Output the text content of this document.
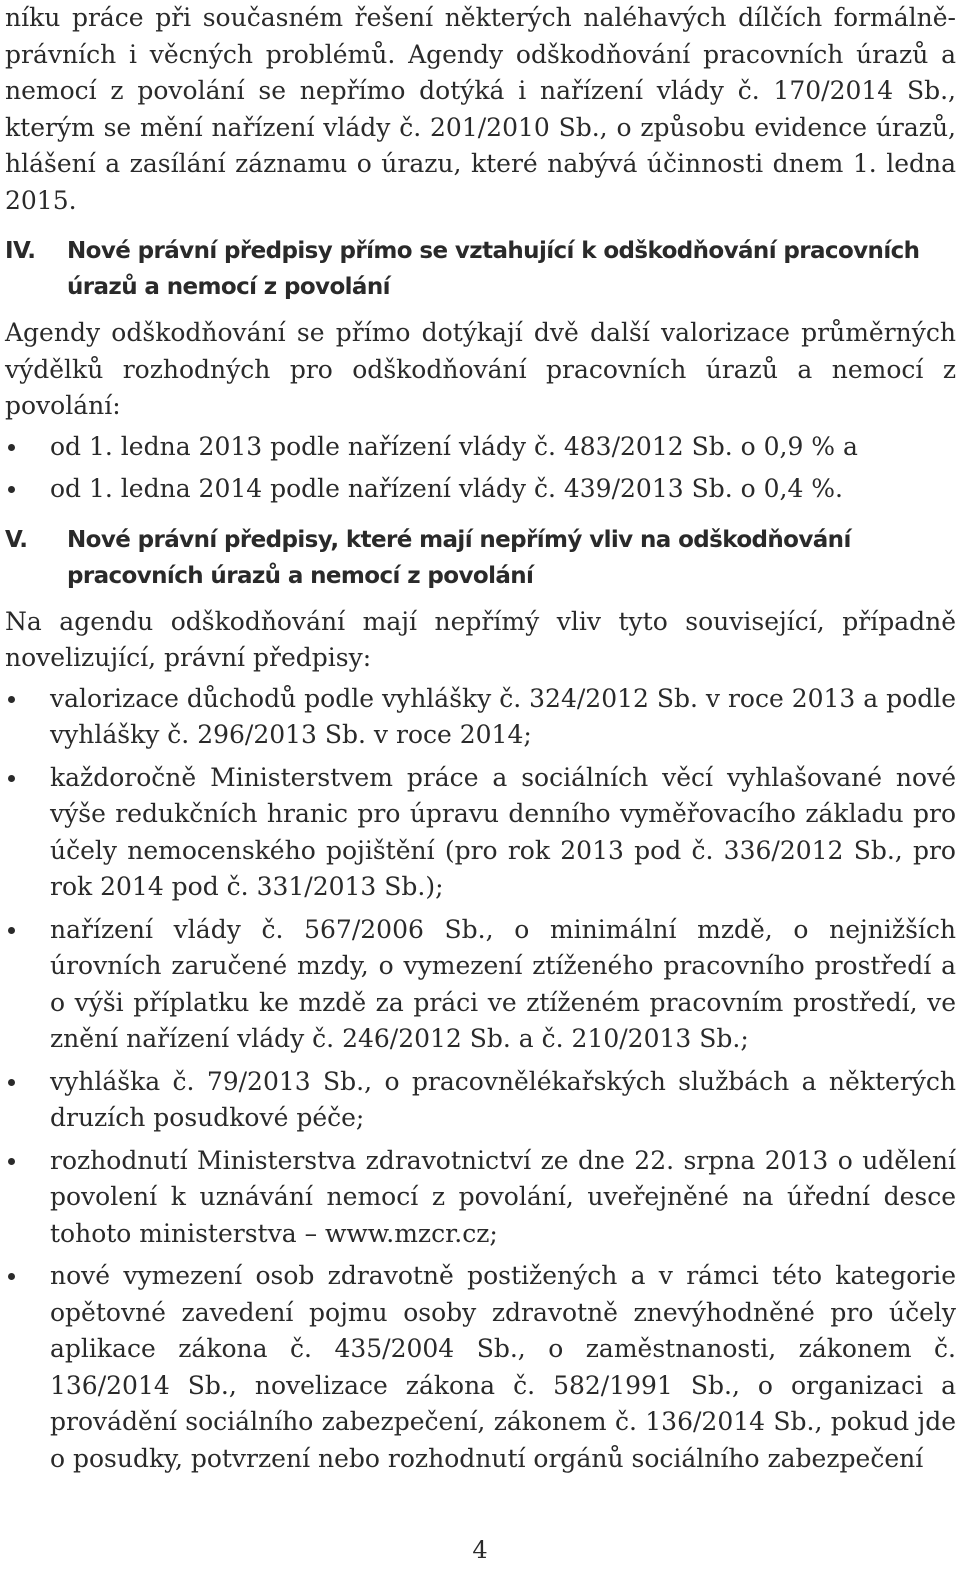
níku práce při současném řešení některých naléhavých dílčích formálně-právních i věcných problémů. Agendy odškodňování pracovních úrazů a nemocí z povolání se nepřímo dotýká i nařízení vlády č. 170/2014 Sb., kterým se mění nařízení vlády č. 201/2010 Sb., o způsobu evidence úrazů, hlášení a zasílání záznamu o úrazu, které nabývá účinnosti dnem 1. ledna 2015.

IV.	Nové právní předpisy přímo se vztahující k odškodňování pracovních úrazů a nemocí z povolání

Agendy odškodňování se přímo dotýkají dvě další valorizace průměrných výdělků rozhodných pro odškodňování pracovních úrazů a nemocí z povolání:

od 1. ledna 2013 podle nařízení vlády č. 483/2012 Sb. o 0,9 % a
od 1. ledna 2014 podle nařízení vlády č. 439/2013 Sb. o 0,4 %.
V.	Nové právní předpisy, které mají nepřímý vliv na odškodňování pracovních úrazů a nemocí z povolání

Na agendu odškodňování mají nepřímý vliv tyto související, případně novelizující, právní předpisy:

valorizace důchodů podle vyhlášky č. 324/2012 Sb. v roce 2013 a podle vyhlášky č. 296/2013 Sb. v roce 2014;
každoročně Ministerstvem práce a sociálních věcí vyhlašované nové výše redukčních hranic pro úpravu denního vyměřovacího základu pro účely nemocenského pojištění (pro rok 2013 pod č. 336/2012 Sb., pro rok 2014 pod č. 331/2013 Sb.);
nařízení vlády č. 567/2006 Sb., o minimální mzdě, o nejnižších úrovních zaručené mzdy, o vymezení ztíženého pracovního prostředí a o výši příplatku ke mzdě za práci ve ztíženém pracovním prostředí, ve znění nařízení vlády č. 246/2012 Sb. a č. 210/2013 Sb.;
vyhláška č. 79/2013 Sb., o pracovnělékařských službách a některých druzích posudkové péče;
rozhodnutí Ministerstva zdravotnictví ze dne 22. srpna 2013 o udělení povolení k uznávání nemocí z povolání, uveřejněné na úřední desce tohoto ministerstva – www.mzcr.cz;
nové vymezení osob zdravotně postižených a v rámci této kategorie opětovné zavedení pojmu osoby zdravotně znevýhodněné pro účely aplikace zákona č. 435/2004 Sb., o zaměstnanosti, zákonem č. 136/2014 Sb., novelizace zákona č. 582/1991 Sb., o organizaci a provádění sociálního zabezpečení, zákonem č. 136/2014 Sb., pokud jde o posudky, potvrzení nebo rozhodnutí orgánů sociálního zabezpečení
4
